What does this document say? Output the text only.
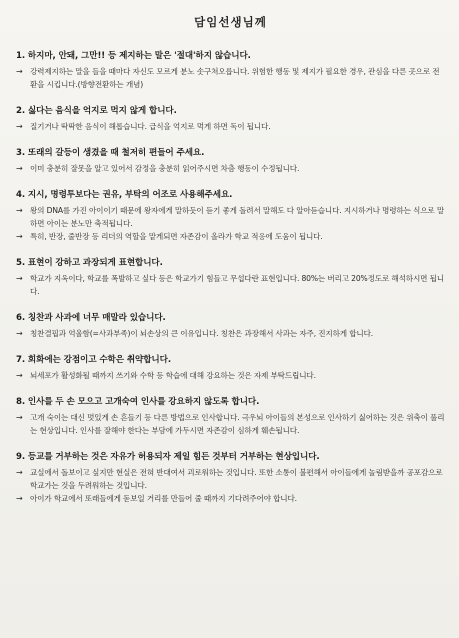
담임선생님께
1. 하지마, 안돼, 그만!! 등 제지하는 말은 '절대'하지 않습니다.
→ 강력제지하는 말을 들을 때마다 자신도 모르게 분노 솟구쳐오릅니다. 위험한 행동 및 제지가 필요한 경우, 관심을 다른 곳으로 전환을 시킵니다.(방향전환하는 개념)
2. 싫다는 음식을 억지로 먹지 않게 합니다.
→ 질기거나 딱딱한 음식이 해롭습니다. 급식을 억지로 먹게 하면 독이 됩니다.
3. 또래의 갈등이 생겼을 때 철저히 편들어 주세요.
→ 이미 충분히 잘못을 알고 있어서 감정을 충분히 읽어주시면 차츰 행동이 수정됩니다.
4. 지시, 명령투보다는 권유, 부탁의 어조로 사용해주세요.
→ 왕의 DNA를 가진 아이이기 때문에 왕자에게 말하듯이 듣기 좋게 돌려서 말해도 다 알아듣습니다. 지시하거나 명령하는 식으로 말하면 아이는 분노만 축적됩니다.
→ 특히, 반장, 줄반장 등 리더의 역할을 맡게되면 자존감이 올라가 학교 적응에 도움이 됩니다.
5. 표현이 강하고 과장되게 표현합니다.
→ 학교가 지옥이다, 학교를 폭발하고 싶다 등은 학교가기 힘들고 무섭다란 표현입니다. 80%는 버리고 20%정도로 해석하시면 됩니다.
6. 칭찬과 사과에 너무 매말라 있습니다.
→ 칭찬결핍과 억울함(=사과부족)이 뇌손상의 큰 이유입니다. 칭찬은 과장해서 사과는 자주, 진지하게 합니다.
7. 회화에는 강점이고 수학은 취약합니다.
→ 뇌세포가 활성화될 때까지 쓰기와 수학 등 학습에 대해 강요하는 것은 자제 부탁드립니다.
8. 인사를 두 손 모으고 고개숙여 인사를 강요하지 않도록 합니다.
→ 고개 숙이는 대신 멋있게 손 흔들기 등 다른 방법으로 인사합니다. 극우뇌 아이들의 본성으로 인사하기 싫어하는 것은 위축이 풀리는 현상입니다. 인사를 잘해야 한다는 부담에 가두시면 자존감이 심하게 훼손됩니다.
9. 등교를 거부하는 것은 자유가 허용되자 제일 힘든 것부터 거부하는 현상입니다.
→ 교실에서 돌보이고 싶지만 현실은 전혀 반대여서 괴로워하는 것입니다. 또한 소통이 불편해서 아이들에게 놀림받을까 공포감으로 학교가는 것을 두려워하는 것입니다.
→ 아이가 학교에서 또래들에게 돋보일 거리를 만들어 줄 때까지 기다려주어야 합니다.
